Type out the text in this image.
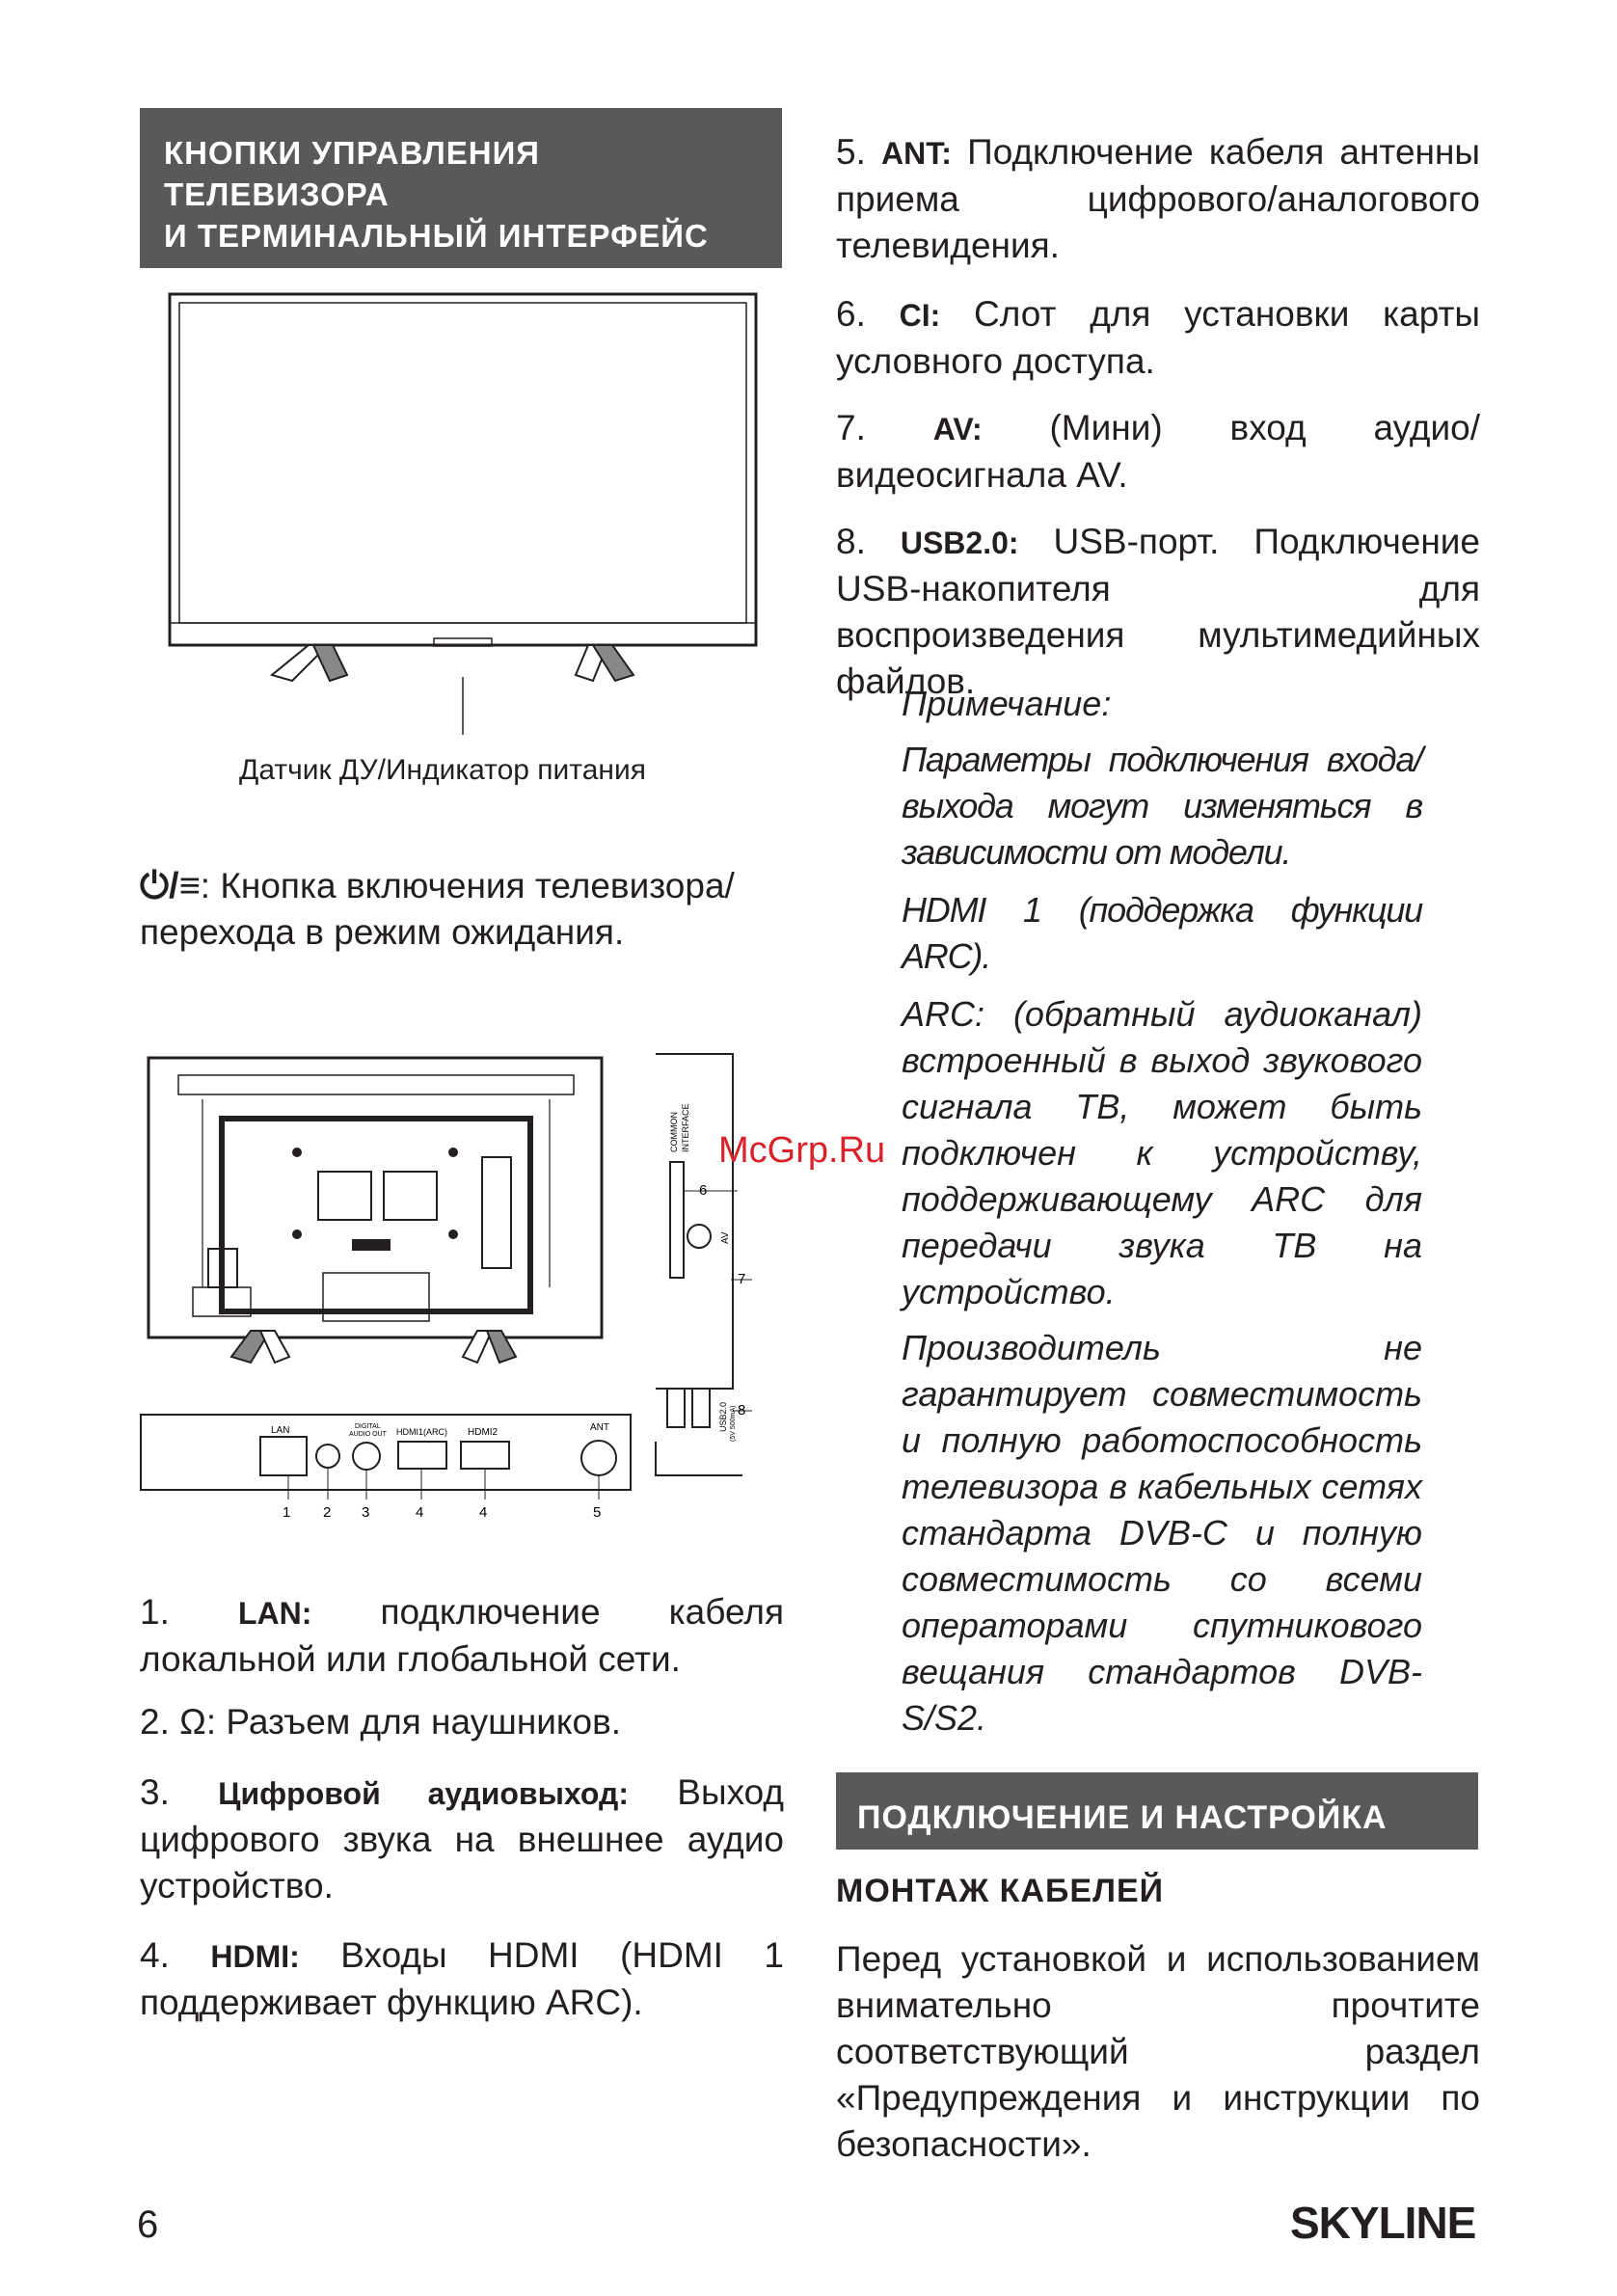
КНОПКИ УПРАВЛЕНИЯ
ТЕЛЕВИЗОРА
И ТЕРМИНАЛЬНЫЙ ИНТЕРФЕЙС
Датчик ДУ/Индикатор питания

⏻/≡: Кнопка включения телевизора/ перехода в режим ожидания.

COMMON INTERFACE
AV
USB2.0 (5V 500mA)
LAN	DIGITAL
AUDIO OUT HDMI1(ARC) HDMI2	ANT
1 2 3	4	4	5
6
7
8

1. LAN: подключение кабеля локальной или глобальной сети.

2. Ω: Разъем для наушников.

3. Цифровой аудиовыход: Выход цифрового звука на внешнее аудио устройство.

4. HDMI: Входы HDMI (HDMI 1 поддерживает функцию ARC).

5. ANT: Подключение кабеля антенны приема цифрового/аналогового телевидения.

6. CI: Слот для установки карты условного доступа.

7. AV: (Мини) вход аудио/видеосигнала AV.

8. USB2.0: USB-порт. Подключение USB-накопителя для воспроизведения мультимедийных файлов.

Примечание:

Параметры подключения входа/выхода могут изменяться в зависимости от модели.

HDMI 1 (поддержка функции ARC).

ARC: (обратный аудиоканал) встроенный в выход звукового сигнала ТВ, может быть подключен к устройству, поддерживающему ARC для передачи звука ТВ на устройство.

Производитель не гарантирует совместимость и полную работоспособность телевизора в кабельных сетях стандарта DVB-C и полную совместимость со всеми операторами спутникового вещания стандартов DVB-S/S2.

ПОДКЛЮЧЕНИЕ И НАСТРОЙКА
МОНТАЖ КАБЕЛЕЙ

Перед установкой и использованием внимательно прочтите соответствующий раздел «Предупреждения и инструкции по безопасности».

6	SKYLINE
McGrp.Ru
